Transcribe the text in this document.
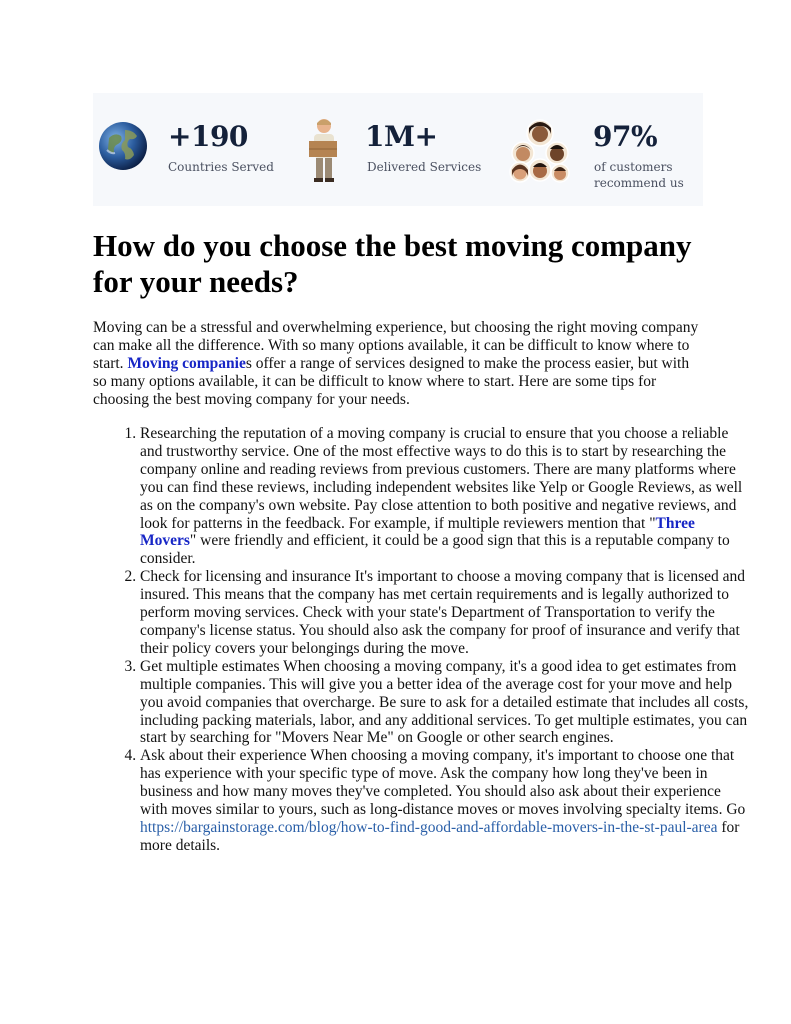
+190
Countries Served
1M+
Delivered Services
97%
of customers
recommend us
How do you choose the best moving company for your needs?

Moving can be a stressful and overwhelming experience, but choosing the right moving company can make all the difference. With so many options available, it can be difficult to know where to start. Moving companies offer a range of services designed to make the process easier, but with so many options available, it can be difficult to know where to start. Here are some tips for choosing the best moving company for your needs.

1. Researching the reputation of a moving company is crucial to ensure that you choose a reliable and trustworthy service. One of the most effective ways to do this is to start by researching the company online and reading reviews from previous customers. There are many platforms where you can find these reviews, including independent websites like Yelp or Google Reviews, as well as on the company's own website. Pay close attention to both positive and negative reviews, and look for patterns in the feedback. For example, if multiple reviewers mention that "Three Movers" were friendly and efficient, it could be a good sign that this is a reputable company to consider.
2. Check for licensing and insurance It's important to choose a moving company that is licensed and insured. This means that the company has met certain requirements and is legally authorized to perform moving services. Check with your state's Department of Transportation to verify the company's license status. You should also ask the company for proof of insurance and verify that their policy covers your belongings during the move.
3. Get multiple estimates When choosing a moving company, it's a good idea to get estimates from multiple companies. This will give you a better idea of the average cost for your move and help you avoid companies that overcharge. Be sure to ask for a detailed estimate that includes all costs, including packing materials, labor, and any additional services. To get multiple estimates, you can start by searching for "Movers Near Me" on Google or other search engines.
4. Ask about their experience When choosing a moving company, it's important to choose one that has experience with your specific type of move. Ask the company how long they've been in business and how many moves they've completed. You should also ask about their experience with moves similar to yours, such as long-distance moves or moves involving specialty items. Go https://bargainstorage.com/blog/how-to-find-good-and-affordable-movers-in-the-st-paul-area for more details.
